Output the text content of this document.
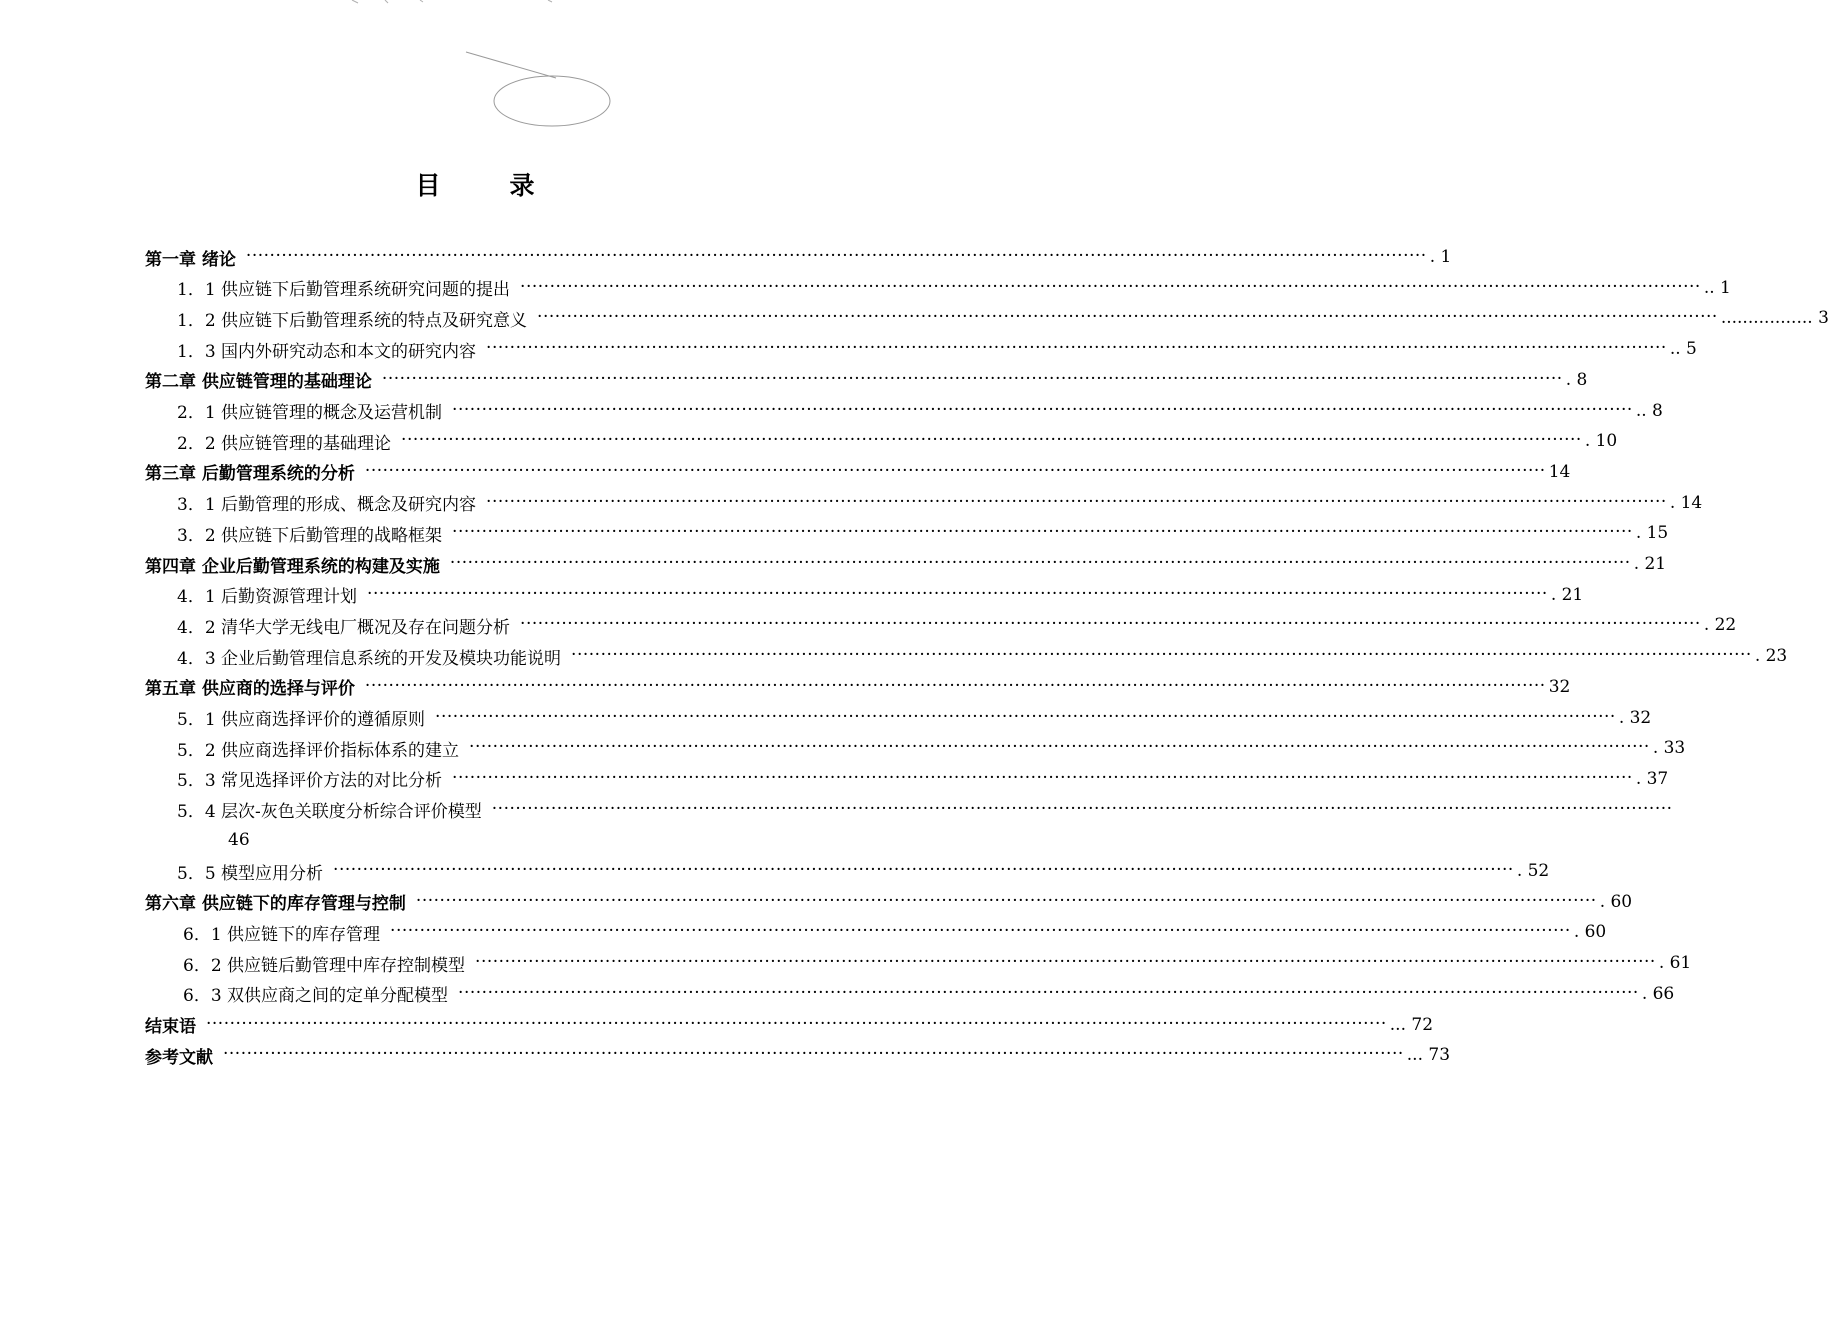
目　录
第一章 绪论 ········································································································································································································ . 1
1．1 供应链下后勤管理系统研究问题的提出 ········································································································································································································ .. 1
1．2 供应链下后勤管理系统的特点及研究意义 ········································································································································································································ ................. 3
1．3 国内外研究动态和本文的研究内容 ········································································································································································································ .. 5
第二章 供应链管理的基础理论 ········································································································································································································ . 8
2．1 供应链管理的概念及运营机制 ········································································································································································································ .. 8
2．2 供应链管理的基础理论 ········································································································································································································ . 10
第三章 后勤管理系统的分析 ········································································································································································································ 14
3．1 后勤管理的形成、概念及研究内容 ········································································································································································································ . 14
3．2 供应链下后勤管理的战略框架 ········································································································································································································ . 15
第四章 企业后勤管理系统的构建及实施 ········································································································································································································ . 21
4．1 后勤资源管理计划 ········································································································································································································ . 21
4．2 清华大学无线电厂概况及存在问题分析 ········································································································································································································ . 22
4．3 企业后勤管理信息系统的开发及模块功能说明 ········································································································································································································ . 23
第五章 供应商的选择与评价 ········································································································································································································ 32
5．1 供应商选择评价的遵循原则 ········································································································································································································ . 32
5．2 供应商选择评价指标体系的建立 ········································································································································································································ . 33
5．3 常见选择评价方法的对比分析 ········································································································································································································ . 37
5．4 层次-灰色关联度分析综合评价模型 ········································································································································································································
46
5．5 模型应用分析 ········································································································································································································ . 52
第六章 供应链下的库存管理与控制 ········································································································································································································ . 60
6．1 供应链下的库存管理 ········································································································································································································ . 60
6．2 供应链后勤管理中库存控制模型 ········································································································································································································ . 61
6．3 双供应商之间的定单分配模型 ········································································································································································································ . 66
结束语 ········································································································································································································ ... 72
参考文献 ········································································································································································································ ... 73
